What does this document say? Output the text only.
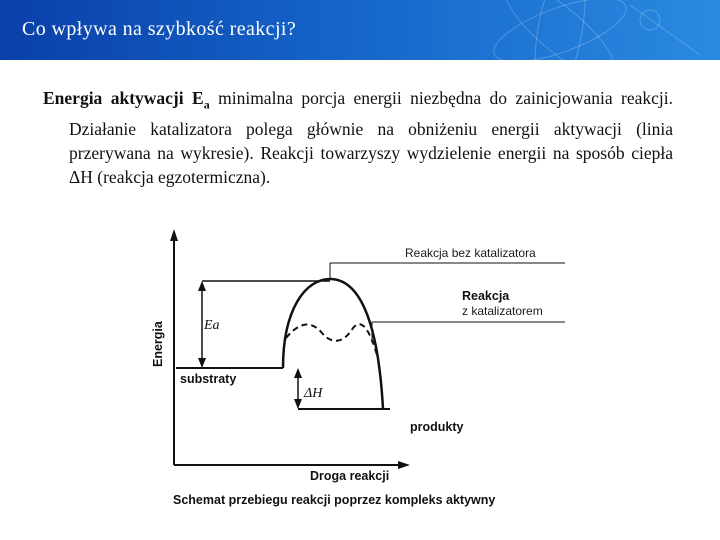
Co wpływa na szybkość reakcji?

Energia aktywacji $E_a$ minimalna porcja energii niezbędna do zainicjowania reakcji. Działanie katalizatora polega głównie na obniżeniu energii aktywacji (linia przerywana na wykresie). Reakcji towarzyszy wydzielenie energii na sposób ciepła ΔH (reakcja egzotermiczna).

Energia
Droga reakcji
substraty
Ea
ΔH
produkty
Reakcja bez katalizatora
Reakcja
z katalizatorem
Schemat przebiegu reakcji poprzez kompleks aktywny
